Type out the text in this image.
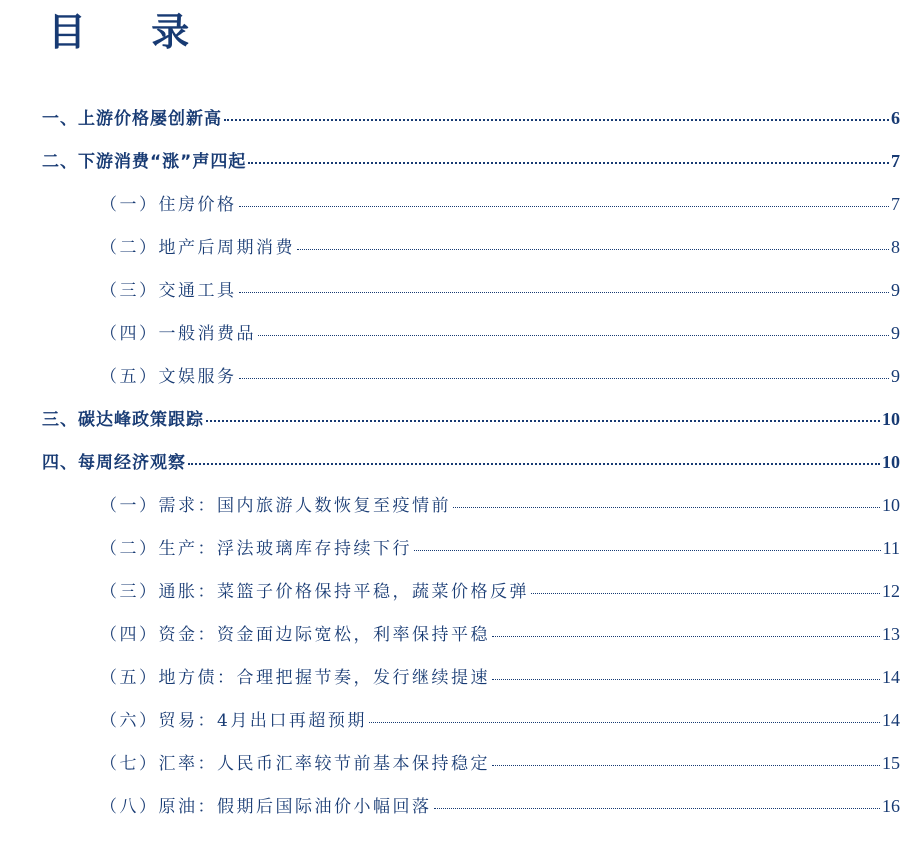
目 录
一、上游价格屡创新高	6
二、下游消费“涨”声四起	7
（一）住房价格	7
（二）地产后周期消费	8
（三）交通工具	9
（四）一般消费品	9
（五）文娱服务	9
三、碳达峰政策跟踪	10
四、每周经济观察	10
（一）需求：国内旅游人数恢复至疫情前	10
（二）生产：浮法玻璃库存持续下行	11
（三）通胀：菜篮子价格保持平稳，蔬菜价格反弹	12
（四）资金：资金面边际宽松，利率保持平稳	13
（五）地方债：合理把握节奏，发行继续提速	14
（六）贸易：4月出口再超预期	14
（七）汇率：人民币汇率较节前基本保持稳定	15
（八）原油：假期后国际油价小幅回落	16
